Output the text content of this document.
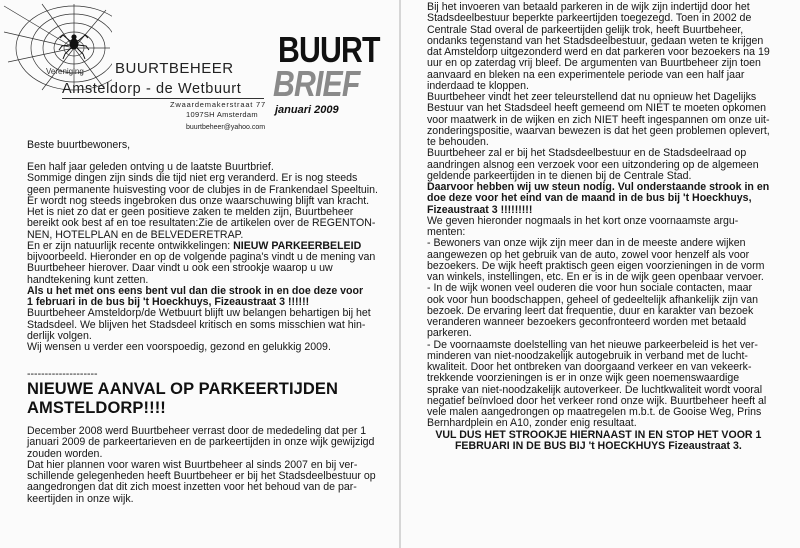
Vereniging BUURTBEHEER
Amsteldorp - de Wetbuurt
Zwaardemakerstraat 77
1097SH Amsterdam
buurtbeheer@yahoo.com
BUURT
BRIEF
januari 2009
Beste buurtbewoners,
Een half jaar geleden ontving u de laatste Buurtbrief.
Sommige dingen zijn sinds die tijd niet erg veranderd. Er is nog steeds
geen permanente huisvesting voor de clubjes in de Frankendael Speeltuin.
Er wordt nog steeds ingebroken dus onze waarschuwing blijft van kracht.
Het is niet zo dat er geen positieve zaken te melden zijn, Buurtbeheer
bereikt ook best af en toe resultaten:Zie de artikelen over de REGENTON-
NEN, HOTELPLAN en de BELVEDERETRAP.
En er zijn natuurlijk recente ontwikkelingen: NIEUW PARKEERBELEID
bijvoorbeeld. Hieronder en op de volgende pagina's vindt u de mening van
Buurtbeheer hierover. Daar vindt u ook een strookje waarop u uw
handtekening kunt zetten.
Als u het met ons eens bent vul dan die strook in en doe deze voor
1 februari in de bus bij 't Hoeckhuys, Fizeaustraat 3 !!!!!!
Buurtbeheer Amsteldorp/de Wetbuurt blijft uw belangen behartigen bij het
Stadsdeel. We blijven het Stadsdeel kritisch en soms misschien wat hin-
derlijk volgen.
Wij wensen u verder een voorspoedig, gezond en gelukkig 2009.
--------------------
NIEUWE AANVAL OP PARKEERTIJDEN
AMSTELDORP!!!!
December 2008 werd Buurtbeheer verrast door de mededeling dat per 1
januari 2009 de parkeertarieven en de parkeertijden in onze wijk gewijzigd
zouden worden.
Dat hier plannen voor waren wist Buurtbeheer al sinds 2007 en bij ver-
schillende gelegenheden heeft Buurtbeheer er bij het Stadsdeelbestuur op
aangedrongen dat dit zich moest inzetten voor het behoud van de par-
keertijden in onze wijk.
Bij het invoeren van betaald parkeren in de wijk zijn indertijd door het
Stadsdeelbestuur beperkte parkeertijden toegezegd. Toen in 2002 de
Centrale Stad overal de parkeertijden gelijk trok, heeft Buurtbeheer,
ondanks tegenstand van het Stadsdeelbestuur, gedaan weten te krijgen
dat Amsteldorp uitgezonderd werd en dat parkeren voor bezoekers na 19
uur en op zaterdag vrij bleef. De argumenten van Buurtbeheer zijn toen
aanvaard en bleken na een experimentele periode van een half jaar
inderdaad te kloppen.
Buurtbeheer vindt het zeer teleurstellend dat nu opnieuw het Dagelijks
Bestuur van het Stadsdeel heeft gemeend om NIET te moeten opkomen
voor maatwerk in de wijken en zich NIET heeft ingespannen om onze uit-
zonderingspositie, waarvan bewezen is dat het geen problemen oplevert,
te behouden.
Buurtbeheer zal er bij het Stadsdeelbestuur en de Stadsdeelraad op
aandringen alsnog een verzoek voor een uitzondering op de algemeen
geldende parkeertijden in te dienen bij de Centrale Stad.
Daarvoor hebben wij uw steun nodig. Vul onderstaande strook in en
doe deze voor het eind van de maand in de bus bij 't Hoeckhuys,
Fizeaustraat 3 !!!!!!!!!
We geven hieronder nogmaals in het kort onze voornaamste argu-
menten:
- Bewoners van onze wijk zijn meer dan in de meeste andere wijken
aangewezen op het gebruik van de auto, zowel voor henzelf als voor
bezoekers. De wijk heeft praktisch geen eigen voorzieningen in de vorm
van winkels, instellingen, etc. En er is in de wijk geen openbaar vervoer.
- In de wijk wonen veel ouderen die voor hun sociale contacten, maar
ook voor hun boodschappen, geheel of gedeeltelijk afhankelijk zijn van
bezoek. De ervaring leert dat frequentie, duur en karakter van bezoek
veranderen wanneer bezoekers geconfronteerd worden met betaald
parkeren.
- De voornaamste doelstelling van het nieuwe parkeerbeleid is het ver-
minderen van niet-noodzakelijk autogebruik in verband met de lucht-
kwaliteit. Door het ontbreken van doorgaand verkeer en van vekeerk-
trekkende voorzieningen is er in onze wijk geen noemenswaardige
sprake van niet-noodzakelijk autoverkeer. De luchtkwaliteit wordt vooral
negatief beïnvloed door het verkeer rond onze wijk. Buurtbeheer heeft al
vele malen aangedrongen op maatregelen m.b.t. de Gooise Weg, Prins
Bernhardplein en A10, zonder enig resultaat.
VUL DUS HET STROOKJE HIERNAAST IN EN STOP HET VOOR 1
FEBRUARI IN DE BUS BIJ 't HOECKHUYS Fizeaustraat 3.
